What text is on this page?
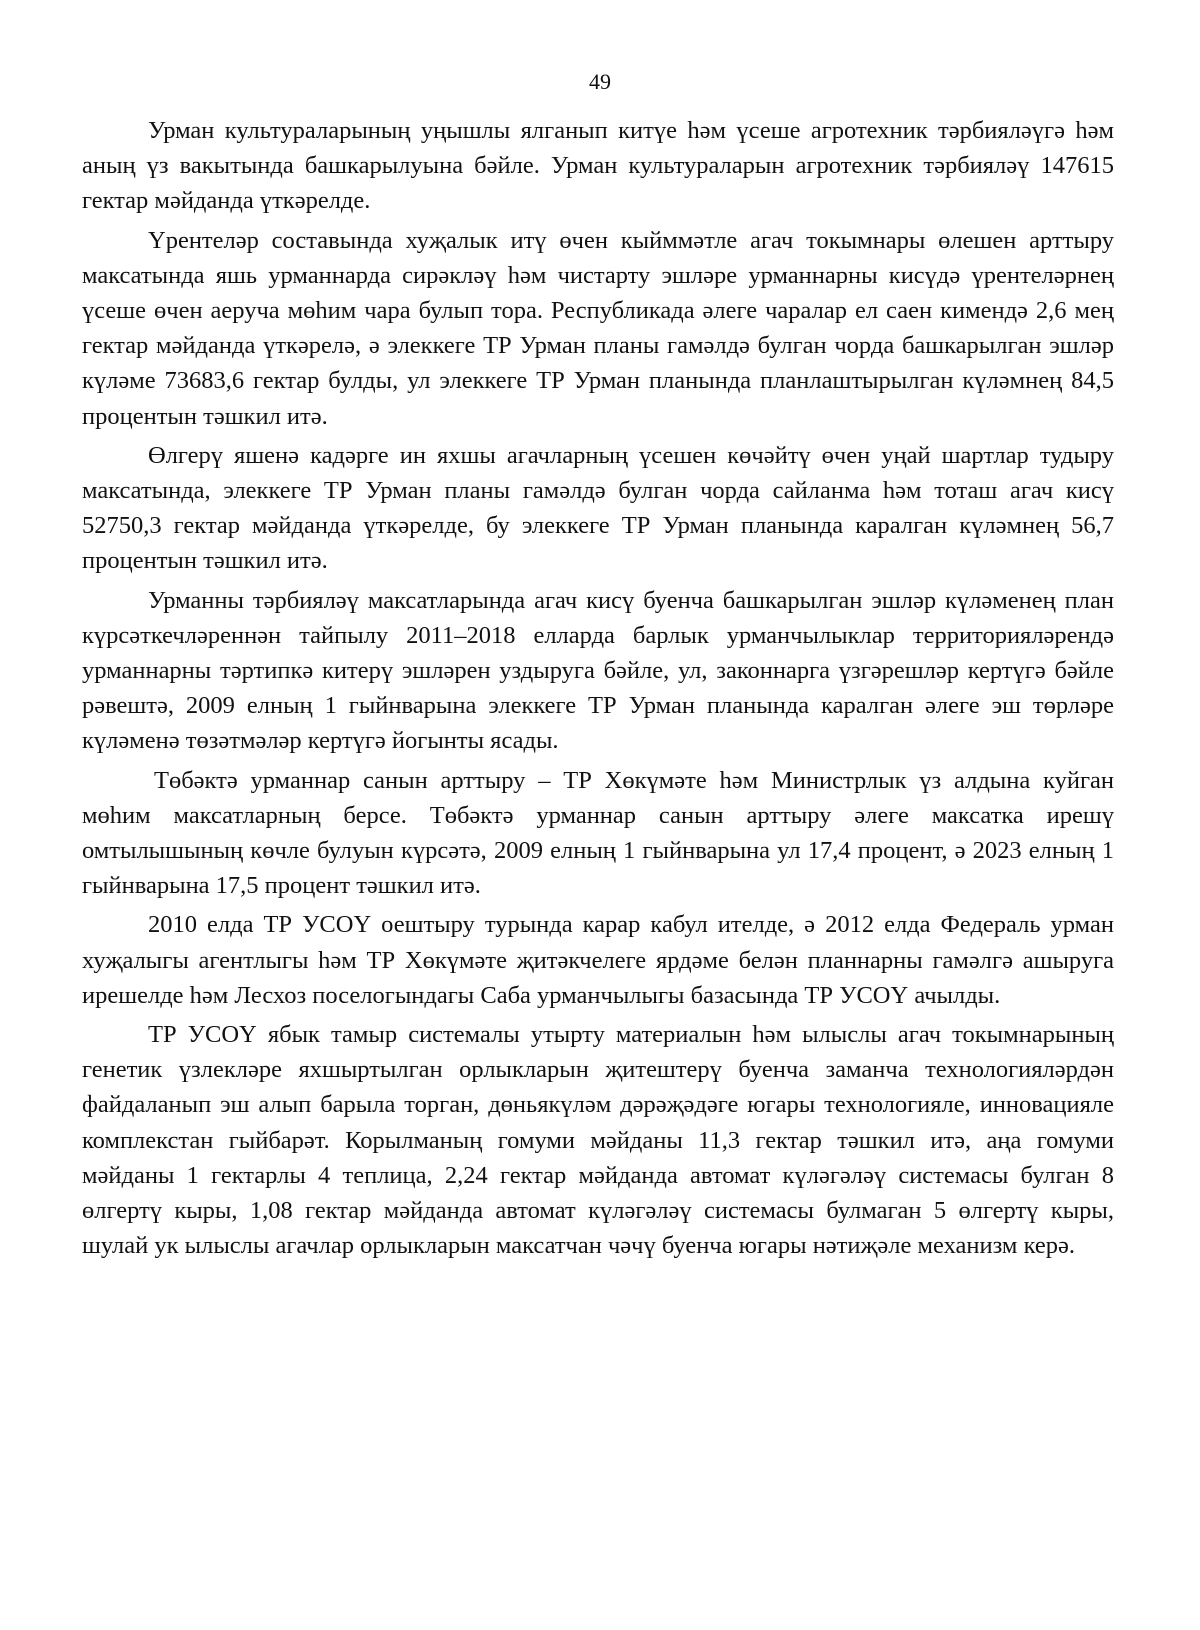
49

Урман культураларының уңышлы ялганып китүе һәм үсеше агротехник тәрбияләүгә һәм аның үз вакытында башкарылуына бәйле. Урман культураларын агротехник тәрбияләү 147615 гектар мәйданда үткәрелде.

Үрентеләр составында хуҗалык итү өчен кыйммәтле агач токымнары өлешен арттыру максатында яшь урманнарда сирәкләү һәм чистарту эшләре урманнарны кисүдә үрентеләрнең үсеше өчен аеруча мөһим чара булып тора. Республикада әлеге чаралар ел саен кимендә 2,6 мең гектар мәйданда үткәрелә, ә элеккеге ТР Урман планы гамәлдә булган чорда башкарылган эшләр күләме 73683,6 гектар булды, ул элеккеге ТР Урман планында планлаштырылган күләмнең 84,5 процентын тәшкил итә.

Өлгерү яшенә кадәрге ин яхшы агачларның үсешен көчәйтү өчен уңай шартлар тудыру максатында, элеккеге ТР Урман планы гамәлдә булган чорда сайланма һәм тоташ агач кисү 52750,3 гектар мәйданда үткәрелде, бу элеккеге ТР Урман планында каралган күләмнең 56,7 процентын тәшкил итә.

Урманны тәрбияләү максатларында агач кисү буенча башкарылган эшләр күләменең план күрсәткечләреннән тайпылу 2011–2018 елларда барлык урманчылыклар территорияләрендә урманнарны тәртипкә китерү эшләрен уздыруга бәйле, ул, законнарга үзгәрешләр кертүгә бәйле рәвештә, 2009 елның 1 гыйнварына элеккеге ТР Урман планында каралган әлеге эш төрләре күләменә төзәтмәләр кертүгә йогынты ясады.

Төбәктә урманнар санын арттыру – ТР Хөкүмәте һәм Министрлык үз алдына куйган мөһим максатларның берсе. Төбәктә урманнар санын арттыру әлеге максатка ирешү омтылышының көчле булуын күрсәтә, 2009 елның 1 гыйнварына ул 17,4 процент, ә 2023 елның 1 гыйнварына 17,5 процент тәшкил итә.

2010 елда ТР УСОҮ оештыру турында карар кабул ителде, ә 2012 елда Федераль урман хуҗалыгы агентлыгы һәм ТР Хөкүмәте җитәкчелеге ярдәме белән планнарны гамәлгә ашыруга ирешелде һәм Лесхоз поселогындагы Саба урманчылыгы базасында ТР УСОҮ ачылды.

ТР УСОҮ ябык тамыр системалы утырту материалын һәм ылыслы агач токымнарының генетик үзлекләре яхшыртылган орлыкларын җитештерү буенча заманча технологияләрдән файдаланып эш алып барыла торган, дөньякүләм дәрәҗәдәге югары технологияле, инновацияле комплекстан гыйбарәт. Корылманың гомуми мәйданы 11,3 гектар тәшкил итә, аңа гомуми мәйданы 1 гектарлы 4 теплица, 2,24 гектар мәйданда автомат күләгәләү системасы булган 8 өлгертү кыры, 1,08 гектар мәйданда автомат күләгәләү системасы булмаган 5 өлгертү кыры, шулай ук ылыслы агачлар орлыкларын максатчан чәчү буенча югары нәтиҗәле механизм керә.
